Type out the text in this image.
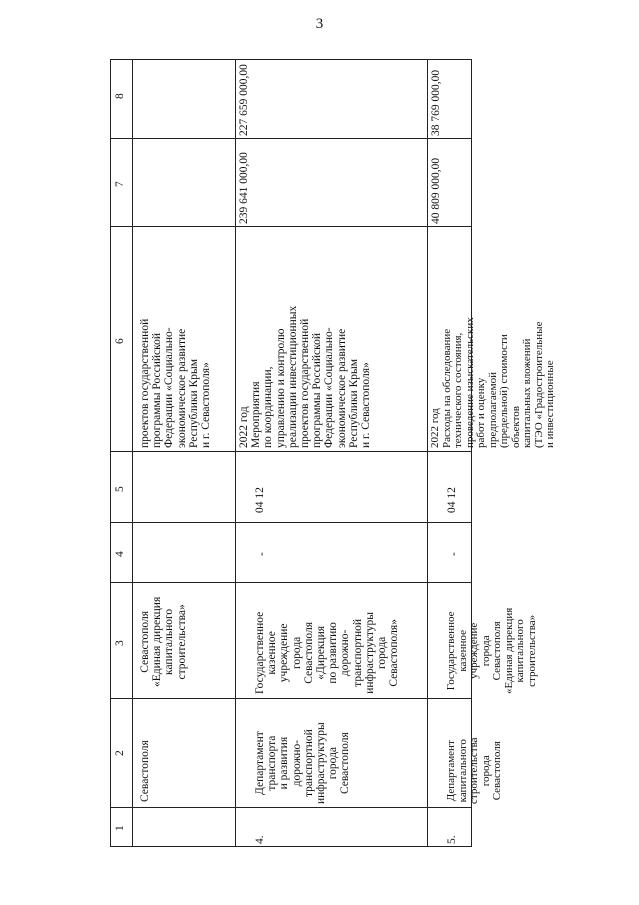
3
8
7
6
5
4
3
2
1
проектов государственной программы Российской Федерации «Социально- экономическое развитие Республики Крым и г. Севастополя»
Севастополя «Единая дирекция капитального строительства»
Севастополя
227 659 000,00
239 641 000,00
2022 год Мероприятия по координации, управлению и контролю реализации инвестиционных проектов государственной программы Российской Федерации «Социально- экономическое развитие Республики Крым и г. Севастополя»
04 12
-
Государственное казенное учреждение города Севастополя «Дирекция по развитию дорожно- транспортной инфраструктуры города Севастополя»
Департамент транспорта и развития дорожно- транспортной инфраструктуры города Севастополя
4.
38 769 000,00
40 809 000,00
2022 год Расходы на обследование технического состояния, проведение изыскательских работ и оценку предполагаемой (предельной) стоимости объектов капитальных вложений (ТЭО «Градостроительные и инвестиционные
04 12
-
Государственное казенное учреждение города Севастополя «Единая дирекция капитального строительства»
Департамент капитального строительства города Севастополя
5.
